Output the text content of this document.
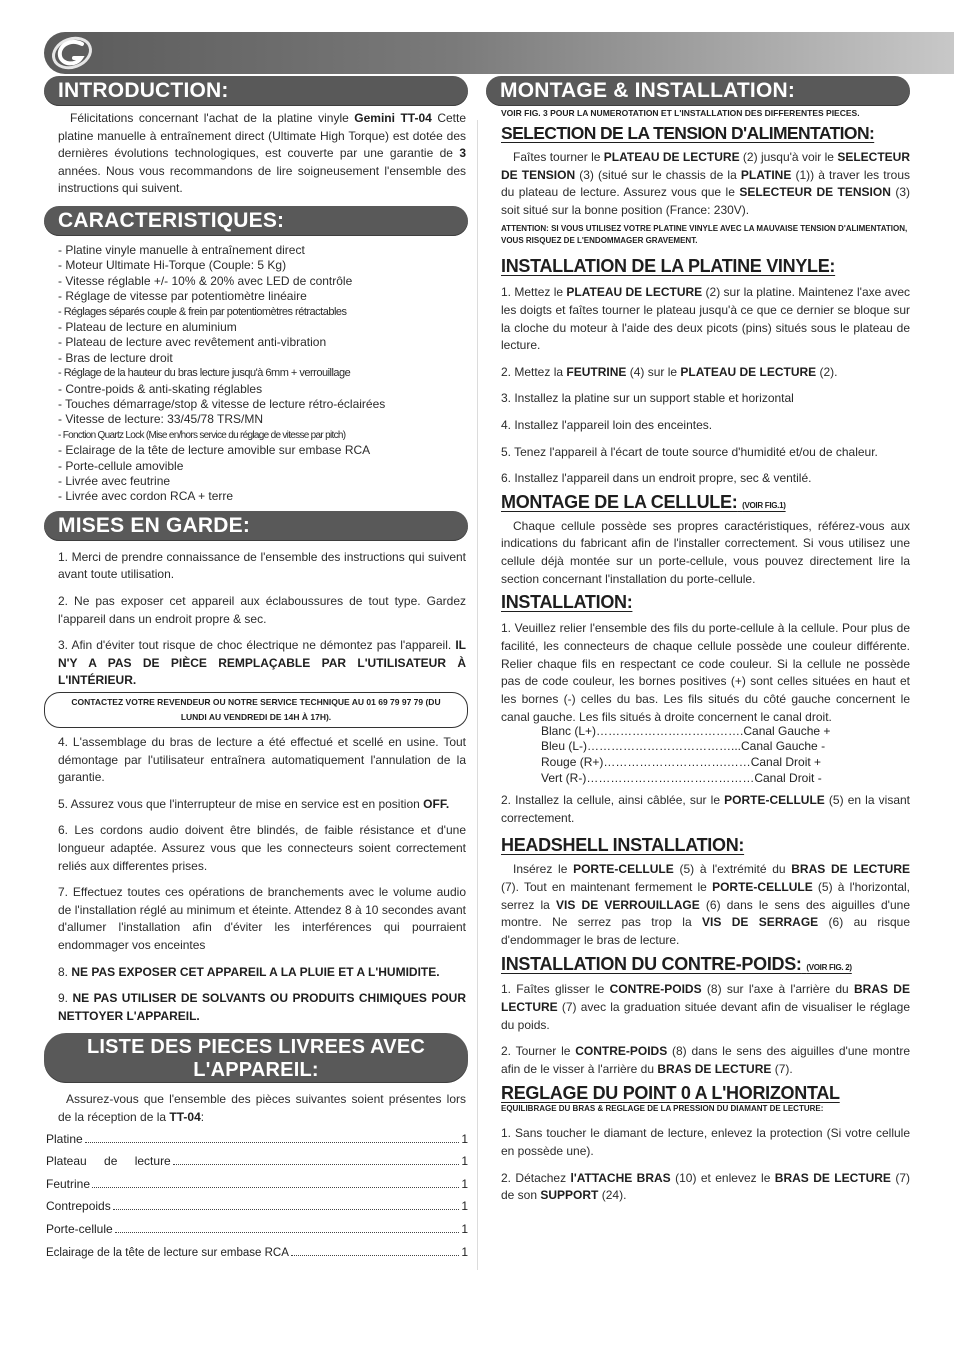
INTRODUCTION:

Félicitations concernant l'achat de la platine vinyle Gemini TT-04 Cette platine manuelle à entraînement direct (Ultimate High Torque) est dotée des dernières évolutions technologiques, est couverte par une garantie de 3 années. Nous vous recommandons de lire soigneusement l'ensemble des instructions qui suivent.

CARACTERISTIQUES:
- Platine vinyle manuelle à entraînement direct
- Moteur Ultimate Hi-Torque (Couple: 5 Kg)
- Vitesse réglable +/- 10% & 20% avec LED de contrôle
- Réglage de vitesse par potentiomètre linéaire
- Réglages séparés couple & frein par potentiomètres rétractables
- Plateau de lecture en aluminium
- Plateau de lecture avec revêtement anti-vibration
- Bras de lecture droit
- Réglage de la hauteur du bras lecture jusqu'à 6mm + verrouillage
- Contre-poids & anti-skating réglables
- Touches démarrage/stop & vitesse de lecture rétro-éclairées
- Vitesse de lecture: 33/45/78 TRS/MN
- Fonction Quartz Lock (Mise en/hors service du réglage de vitesse par pitch)
- Eclairage de la tête de lecture amovible sur embase RCA
- Porte-cellule amovible
- Livrée avec feutrine
- Livrée avec cordon RCA + terre
MISES EN GARDE:

1. Merci de prendre connaissance de l'ensemble des instructions qui suivent avant toute utilisation.

2. Ne pas exposer cet appareil aux éclaboussures de tout type. Gardez l'appareil dans un endroit propre & sec.

3. Afin d'éviter tout risque de choc électrique ne démontez pas l'appareil. IL N'Y A PAS DE PIÈCE REMPLAÇABLE PAR L'UTILISATEUR À L'INTÉRIEUR.

CONTACTEZ VOTRE REVENDEUR OU NOTRE SERVICE TECHNIQUE AU 01 69 79 97 79 (DU LUNDI AU VENDREDI DE 14H À 17H).

4. L'assemblage du bras de lecture a été effectué et scellé en usine. Tout démontage par l'utilisateur entraînera automatiquement l'annulation de la garantie.

5. Assurez vous que l'interrupteur de mise en service est en position OFF.

6. Les cordons audio doivent être blindés, de faible résistance et d'une longueur adaptée. Assurez vous que les connecteurs soient correctement reliés aux differentes prises.

7. Effectuez toutes ces opérations de branchements avec le volume audio de l'installation réglé au minimum et éteinte. Attendez 8 à 10 secondes avant d'allumer l'installation afin d'éviter les interférences qui pourraient endommager vos enceintes

8. NE PAS EXPOSER CET APPAREIL A LA PLUIE ET A L'HUMIDITE.

9. NE PAS UTILISER DE SOLVANTS OU PRODUITS CHIMIQUES POUR NETTOYER L'APPAREIL.

LISTE DES PIECES LIVREES AVEC
L'APPAREIL:

Assurez-vous que l'ensemble des pièces suivantes soient présentes lors de la réception de la TT-04:

Platine	1
Plateau de lecture	1
Feutrine	1
Contrepoids	1
Porte-cellule	1
Eclairage de la tête de lecture sur embase RCA	1
MONTAGE & INSTALLATION:

VOIR FIG. 3 POUR LA NUMEROTATION ET L'INSTALLATION DES DIFFERENTES PIECES.

SELECTION DE LA TENSION D'ALIMENTATION:

Faîtes tourner le PLATEAU DE LECTURE (2) jusqu'à voir le SELECTEUR DE TENSION (3) (situé sur le chassis de la PLATINE (1)) à traver les trous du plateau de lecture. Assurez vous que le SELECTEUR DE TENSION (3) soit situé sur la bonne position (France: 230V).

ATTENTION: SI VOUS UTILISEZ VOTRE PLATINE VINYLE AVEC LA MAUVAISE TENSION D'ALIMENTATION, VOUS RISQUEZ DE L'ENDOMMAGER GRAVEMENT.

INSTALLATION DE LA PLATINE VINYLE:

1. Mettez le PLATEAU DE LECTURE (2) sur la platine. Maintenez l'axe avec les doigts et faîtes tourner le plateau jusqu'à ce que ce dernier se bloque sur la cloche du moteur à l'aide des deux picots (pins) situés sous le plateau de lecture.

2. Mettez la FEUTRINE (4) sur le PLATEAU DE LECTURE (2).

3. Installez la platine sur un support stable et horizontal

4. Installez l'appareil loin des enceintes.

5. Tenez l'appareil à l'écart de toute source d'humidité et/ou de chaleur.

6. Installez l'appareil dans un endroit propre, sec & ventilé.

MONTAGE DE LA CELLULE: (VOIR FIG.1)

Chaque cellule possède ses propres caractéristiques, référez-vous aux indications du fabricant afin de l'installer correctement. Si vous utilisez une cellule déjà montée sur un porte-cellule, vous pouvez directement lire la section concernant l'installation du porte-cellule.

INSTALLATION:

1. Veuillez relier l'ensemble des fils du porte-cellule à la cellule. Pour plus de facilité, les connecteurs de chaque cellule possède une couleur différente. Relier chaque fils en respectant ce code couleur. Si la cellule ne possède pas de code couleur, les bornes positives (+) sont celles situées en haut et les bornes (-) celles du bas. Les fils situés du côté gauche concernent le canal gauche. Les fils situés à droite concernent le canal droit.

Blanc (L+)……………………………….Canal Gauche +
Bleu (L-)………………………………...Canal Gauche -
Rouge (R+)………………………….……Canal Droit +
Vert (R-)……………………………………Canal Droit -

2. Installez la cellule, ainsi câblée, sur le PORTE-CELLULE (5) en la visant correctement.

HEADSHELL INSTALLATION:

Insérez le PORTE-CELLULE (5) à l'extrémité du BRAS DE LECTURE (7). Tout en maintenant fermement le PORTE-CELLULE (5) à l'horizontal, serrez la VIS DE VERROUILLAGE (6) dans le sens des aiguilles d'une montre. Ne serrez pas trop la VIS DE SERRAGE (6) au risque d'endommager le bras de lecture.

INSTALLATION DU CONTRE-POIDS: (VOIR FIG. 2)

1. Faîtes glisser le CONTRE-POIDS (8) sur l'axe à l'arrière du BRAS DE LECTURE (7) avec la graduation située devant afin de visualiser le réglage du poids.

2. Tourner le CONTRE-POIDS (8) dans le sens des aiguilles d'une montre afin de le visser à l'arrière du BRAS DE LECTURE (7).

REGLAGE DU POINT 0 A L'HORIZONTAL

EQUILIBRAGE DU BRAS & REGLAGE DE LA PRESSION DU DIAMANT DE LECTURE:

1. Sans toucher le diamant de lecture, enlevez la protection (Si votre cellule en possède une).

2. Détachez l'ATTACHE BRAS (10) et enlevez le BRAS DE LECTURE (7) de son SUPPORT (24).
